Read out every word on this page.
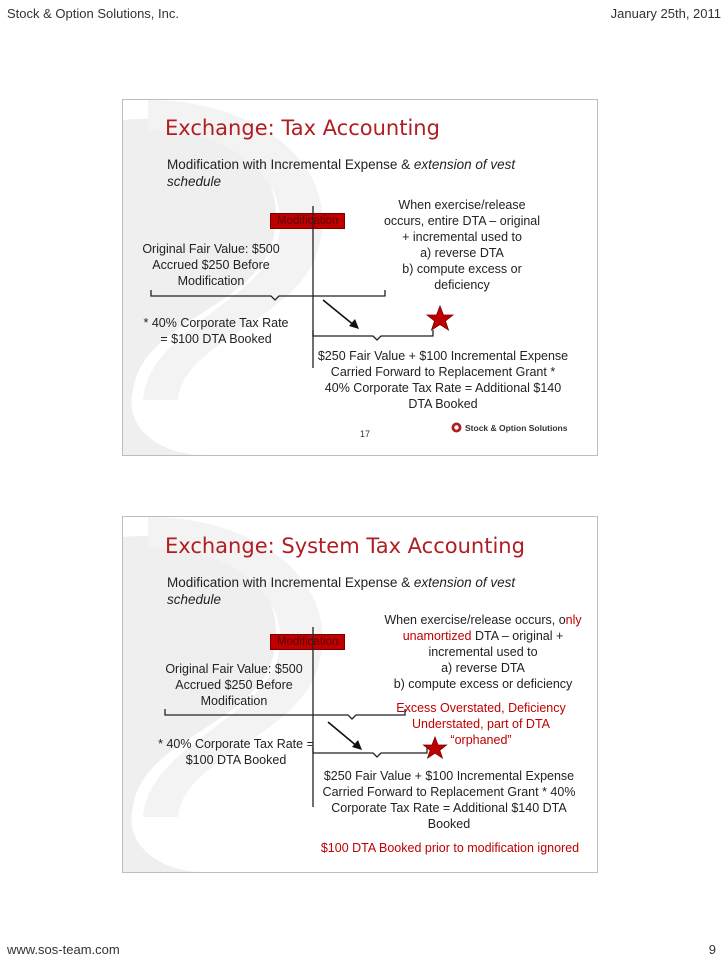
Stock & Option Solutions, Inc.	January 25th, 2011
Exchange: Tax Accounting
Modification with Incremental Expense & extension of vest schedule
Modification
Original Fair Value: $500
Accrued $250 Before
Modification
* 40% Corporate Tax Rate
= $100 DTA Booked
When exercise/release
occurs, entire DTA – original
+ incremental used to
a) reverse DTA
b) compute excess or
deficiency
$250 Fair Value + $100 Incremental Expense
Carried Forward to Replacement Grant *
40% Corporate Tax Rate = Additional $140
DTA Booked
17
Stock & Option Solutions
Exchange: System Tax Accounting
Modification with Incremental Expense & extension of vest schedule
Modification
Original Fair Value: $500
Accrued $250 Before
Modification
* 40% Corporate Tax Rate =
$100 DTA Booked
When exercise/release occurs, only
unamortized DTA – original +
incremental used to
a) reverse DTA
b) compute excess or deficiency
Excess Overstated, Deficiency
Understated, part of DTA
“orphaned”
$250 Fair Value + $100 Incremental Expense
Carried Forward to Replacement Grant * 40%
Corporate Tax Rate = Additional $140 DTA
Booked
$100 DTA Booked prior to modification ignored
www.sos-team.com	9
